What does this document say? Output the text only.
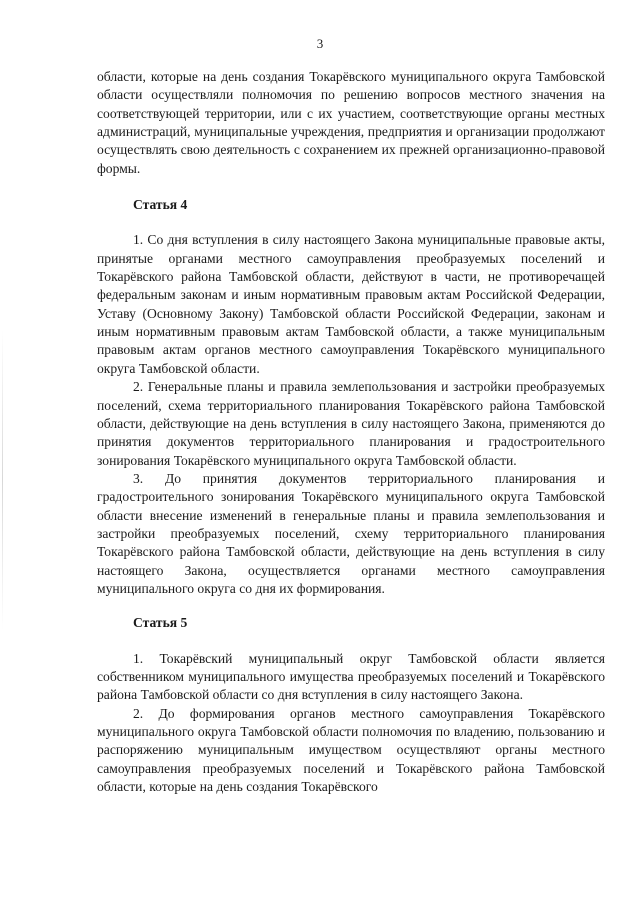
3

области, которые на день создания Токарёвского муниципального округа Тамбовской области осуществляли полномочия по решению вопросов местного значения на соответствующей территории, или с их участием, соответствующие органы местных администраций, муниципальные учреждения, предприятия и организации продолжают осуществлять свою деятельность с сохранением их прежней организационно-правовой формы.

Статья 4

1. Со дня вступления в силу настоящего Закона муниципальные правовые акты, принятые органами местного самоуправления преобразуемых поселений и Токарёвского района Тамбовской области, действуют в части, не противоречащей федеральным законам и иным нормативным правовым актам Российской Федерации, Уставу (Основному Закону) Тамбовской области Российской Федерации, законам и иным нормативным правовым актам Тамбовской области, а также муниципальным правовым актам органов местного самоуправления Токарёвского муниципального округа Тамбовской области.

2. Генеральные планы и правила землепользования и застройки преобразуемых поселений, схема территориального планирования Токарёвского района Тамбовской области, действующие на день вступления в силу настоящего Закона, применяются до принятия документов территориального планирования и градостроительного зонирования Токарёвского муниципального округа Тамбовской области.

3. До принятия документов территориального планирования и градостроительного зонирования Токарёвского муниципального округа Тамбовской области внесение изменений в генеральные планы и правила землепользования и застройки преобразуемых поселений, схему территориального планирования Токарёвского района Тамбовской области, действующие на день вступления в силу настоящего Закона, осуществляется органами местного самоуправления муниципального округа со дня их формирования.

Статья 5

1. Токарёвский муниципальный округ Тамбовской области является собственником муниципального имущества преобразуемых поселений и Токарёвского района Тамбовской области со дня вступления в силу настоящего Закона.

2. До формирования органов местного самоуправления Токарёвского муниципального округа Тамбовской области полномочия по владению, пользованию и распоряжению муниципальным имуществом осуществляют органы местного самоуправления преобразуемых поселений и Токарёвского района Тамбовской области, которые на день создания Токарёвского
